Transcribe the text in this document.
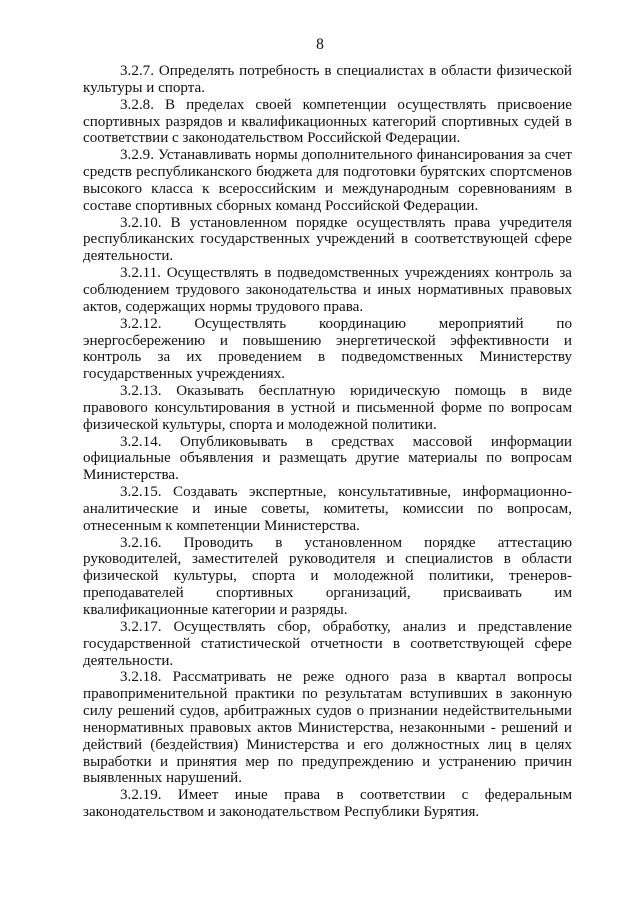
8

3.2.7. Определять потребность в специалистах в области физической культуры и спорта.

3.2.8. В пределах своей компетенции осуществлять присвоение спортивных разрядов и квалификационных категорий спортивных судей в соответствии с законодательством Российской Федерации.

3.2.9. Устанавливать нормы дополнительного финансирования за счет средств республиканского бюджета для подготовки бурятских спортсменов высокого класса к всероссийским и международным соревнованиям в составе спортивных сборных команд Российской Федерации.

3.2.10. В установленном порядке осуществлять права учредителя республиканских государственных учреждений в соответствующей сфере деятельности.

3.2.11. Осуществлять в подведомственных учреждениях контроль за соблюдением трудового законодательства и иных нормативных правовых актов, содержащих нормы трудового права.

3.2.12. Осуществлять координацию мероприятий по энергосбережению и повышению энергетической эффективности и контроль за их проведением в подведомственных Министерству государственных учреждениях.

3.2.13. Оказывать бесплатную юридическую помощь в виде правового консультирования в устной и письменной форме по вопросам физической культуры, спорта и молодежной политики.

3.2.14. Опубликовывать в средствах массовой информации официальные объявления и размещать другие материалы по вопросам Министерства.

3.2.15. Создавать экспертные, консультативные, информационно-аналитические и иные советы, комитеты, комиссии по вопросам, отнесенным к компетенции Министерства.

3.2.16. Проводить в установленном порядке аттестацию руководителей, заместителей руководителя и специалистов в области физической культуры, спорта и молодежной политики, тренеров-преподавателей спортивных организаций, присваивать им квалификационные категории и разряды.

3.2.17. Осуществлять сбор, обработку, анализ и представление государственной статистической отчетности в соответствующей сфере деятельности.

3.2.18. Рассматривать не реже одного раза в квартал вопросы правоприменительной практики по результатам вступивших в законную силу решений судов, арбитражных судов о признании недействительными ненормативных правовых актов Министерства, незаконными - решений и действий (бездействия) Министерства и его должностных лиц в целях выработки и принятия мер по предупреждению и устранению причин выявленных нарушений.

3.2.19. Имеет иные права в соответствии с федеральным законодательством и законодательством Республики Бурятия.
